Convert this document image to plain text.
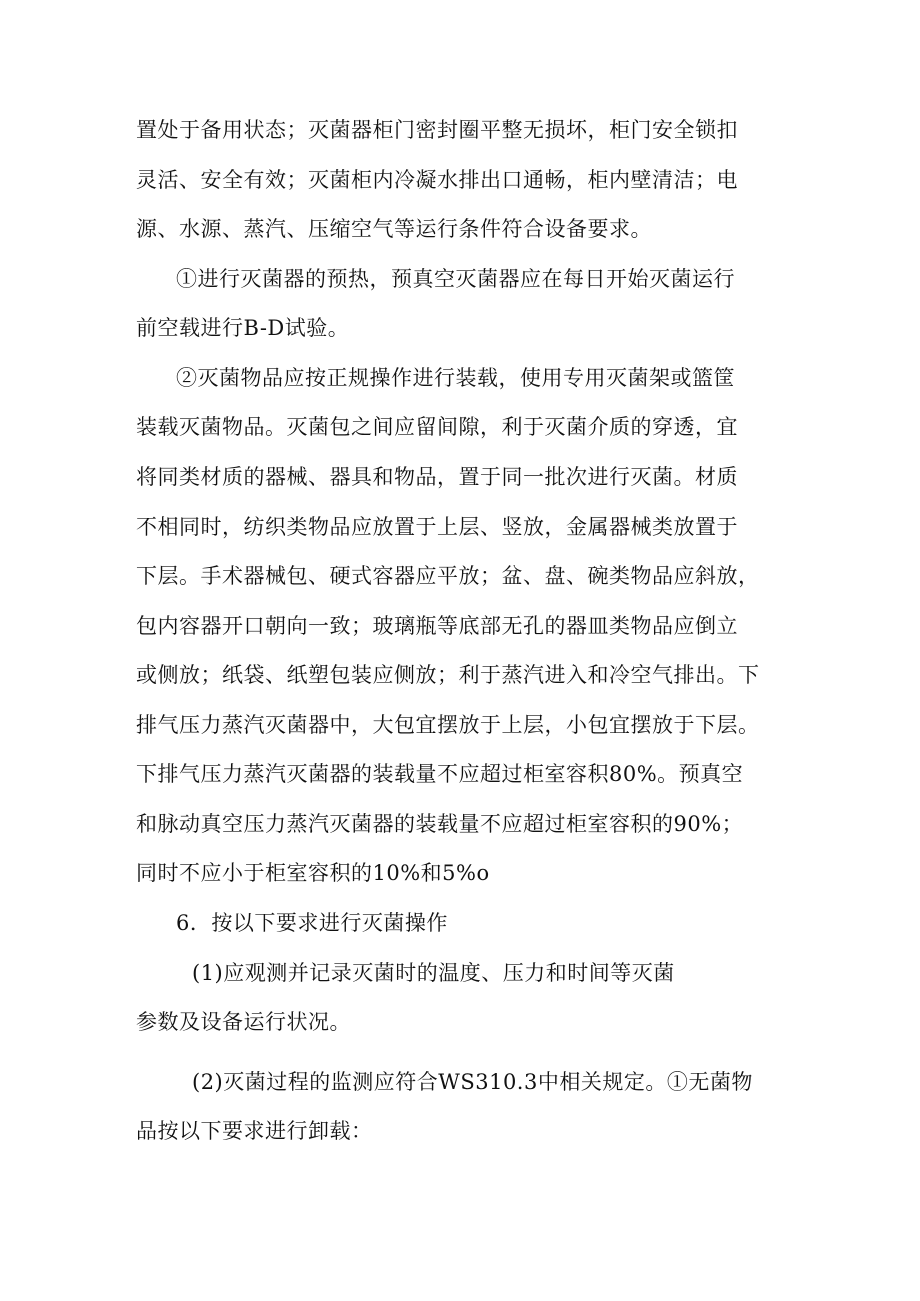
置处于备用状态；灭菌器柜门密封圈平整无损坏，柜门安全锁扣
灵活、安全有效；灭菌柜内冷凝水排出口通畅，柜内壁清洁；电
源、水源、蒸汽、压缩空气等运行条件符合设备要求。
①进行灭菌器的预热，预真空灭菌器应在每日开始灭菌运行
前空载进行B-D试验。
②灭菌物品应按正规操作进行装载，使用专用灭菌架或篮筐
装载灭菌物品。灭菌包之间应留间隙，利于灭菌介质的穿透，宜
将同类材质的器械、器具和物品，置于同一批次进行灭菌。材质
不相同时，纺织类物品应放置于上层、竖放，金属器械类放置于
下层。手术器械包、硬式容器应平放；盆、盘、碗类物品应斜放，
包内容器开口朝向一致；玻璃瓶等底部无孔的器皿类物品应倒立
或侧放；纸袋、纸塑包装应侧放；利于蒸汽进入和冷空气排出。下
排气压力蒸汽灭菌器中，大包宜摆放于上层，小包宜摆放于下层。
下排气压力蒸汽灭菌器的装载量不应超过柜室容积80%。预真空
和脉动真空压力蒸汽灭菌器的装载量不应超过柜室容积的90%；
同时不应小于柜室容积的10%和5%o
6．按以下要求进行灭菌操作
(1)应观测并记录灭菌时的温度、压力和时间等灭菌
参数及设备运行状况。
(2)灭菌过程的监测应符合WS310.3中相关规定。①无菌物
品按以下要求进行卸载：
